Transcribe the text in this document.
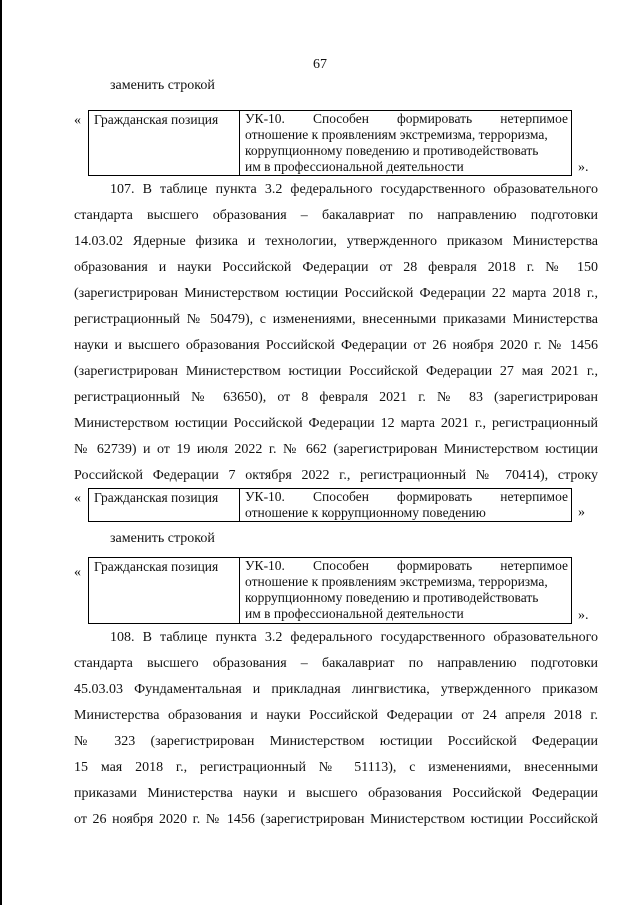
67
заменить строкой
« Гражданская позиция	УК-10. Способен формировать нетерпимое
отношение к проявлениям экстремизма, терроризма,
коррупционному поведению и противодействовать
им в профессиональной деятельности	».
107. В таблице пункта 3.2 федерального государственного образовательного
стандарта высшего образования – бакалавриат по направлению подготовки
14.03.02 Ядерные физика и технологии, утвержденного приказом Министерства
образования и науки Российской Федерации от 28 февраля 2018 г. № 150
(зарегистрирован Министерством юстиции Российской Федерации 22 марта 2018 г.,
регистрационный № 50479), с изменениями, внесенными приказами Министерства
науки и высшего образования Российской Федерации от 26 ноября 2020 г. № 1456
(зарегистрирован Министерством юстиции Российской Федерации 27 мая 2021 г.,
регистрационный № 63650), от 8 февраля 2021 г. № 83 (зарегистрирован
Министерством юстиции Российской Федерации 12 марта 2021 г., регистрационный
№ 62739) и от 19 июля 2022 г. № 662 (зарегистрирован Министерством юстиции
Российской Федерации 7 октября 2022 г., регистрационный № 70414), строку
« Гражданская позиция	УК-10. Способен формировать нетерпимое
отношение к коррупционному поведению	»
заменить строкой
« Гражданская позиция	УК-10. Способен формировать нетерпимое
отношение к проявлениям экстремизма, терроризма,
коррупционному поведению и противодействовать
им в профессиональной деятельности	».
108. В таблице пункта 3.2 федерального государственного образовательного
стандарта высшего образования – бакалавриат по направлению подготовки
45.03.03 Фундаментальная и прикладная лингвистика, утвержденного приказом
Министерства образования и науки Российской Федерации от 24 апреля 2018 г.
№ 323 (зарегистрирован Министерством юстиции Российской Федерации
15 мая 2018 г., регистрационный № 51113), с изменениями, внесенными
приказами Министерства науки и высшего образования Российской Федерации
от 26 ноября 2020 г. № 1456 (зарегистрирован Министерством юстиции Российской
